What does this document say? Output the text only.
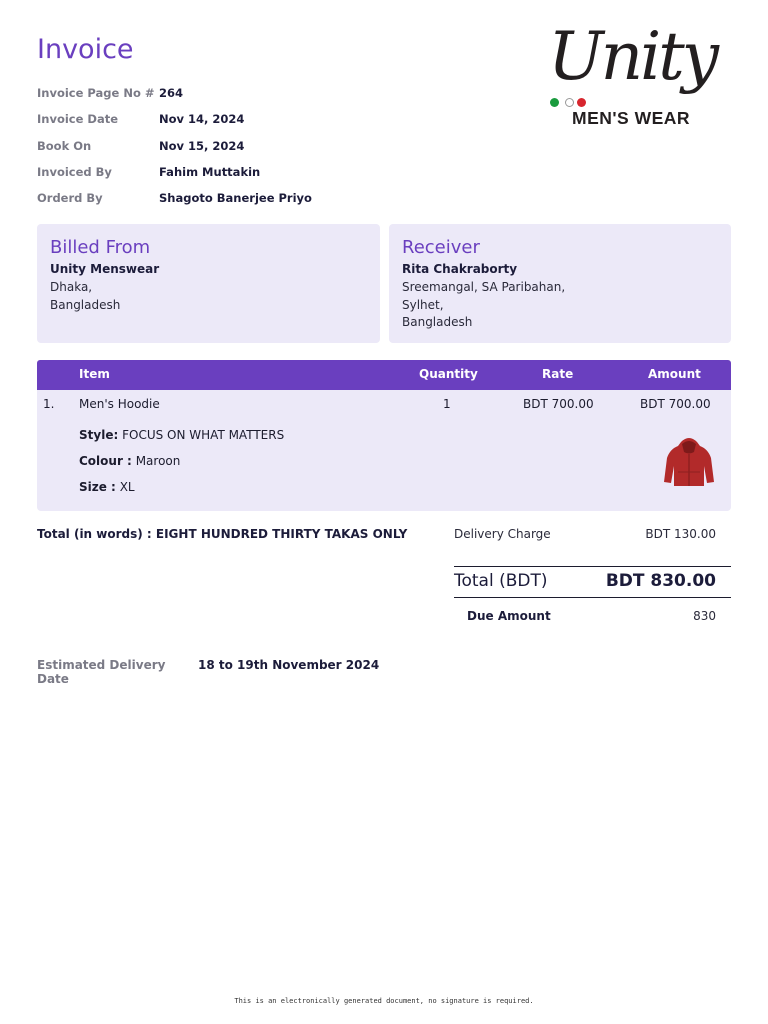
Invoice
Invoice Page No # 264
Invoice Date	Nov 14, 2024
Book On	Nov 15, 2024
Invoiced By	Fahim Muttakin
Orderd By	Shagoto Banerjee Priyo
Unity
MEN'S WEAR
Billed From
Unity Menswear
Dhaka,
Bangladesh
Receiver
Rita Chakraborty
Sreemangal, SA Paribahan,
Sylhet,
Bangladesh
Item	Quantity	Rate	Amount
1. Men's Hoodie	1	BDT 700.00	BDT 700.00
Style: FOCUS ON WHAT MATTERS
Colour : Maroon
Size : XL
Total (in words) : EIGHT HUNDRED THIRTY TAKAS ONLY	Delivery Charge	BDT 130.00
Total (BDT)	BDT 830.00
Due Amount	830
Estimated Delivery Date
18 to 19th November 2024
This is an electronically generated document, no signature is required.
